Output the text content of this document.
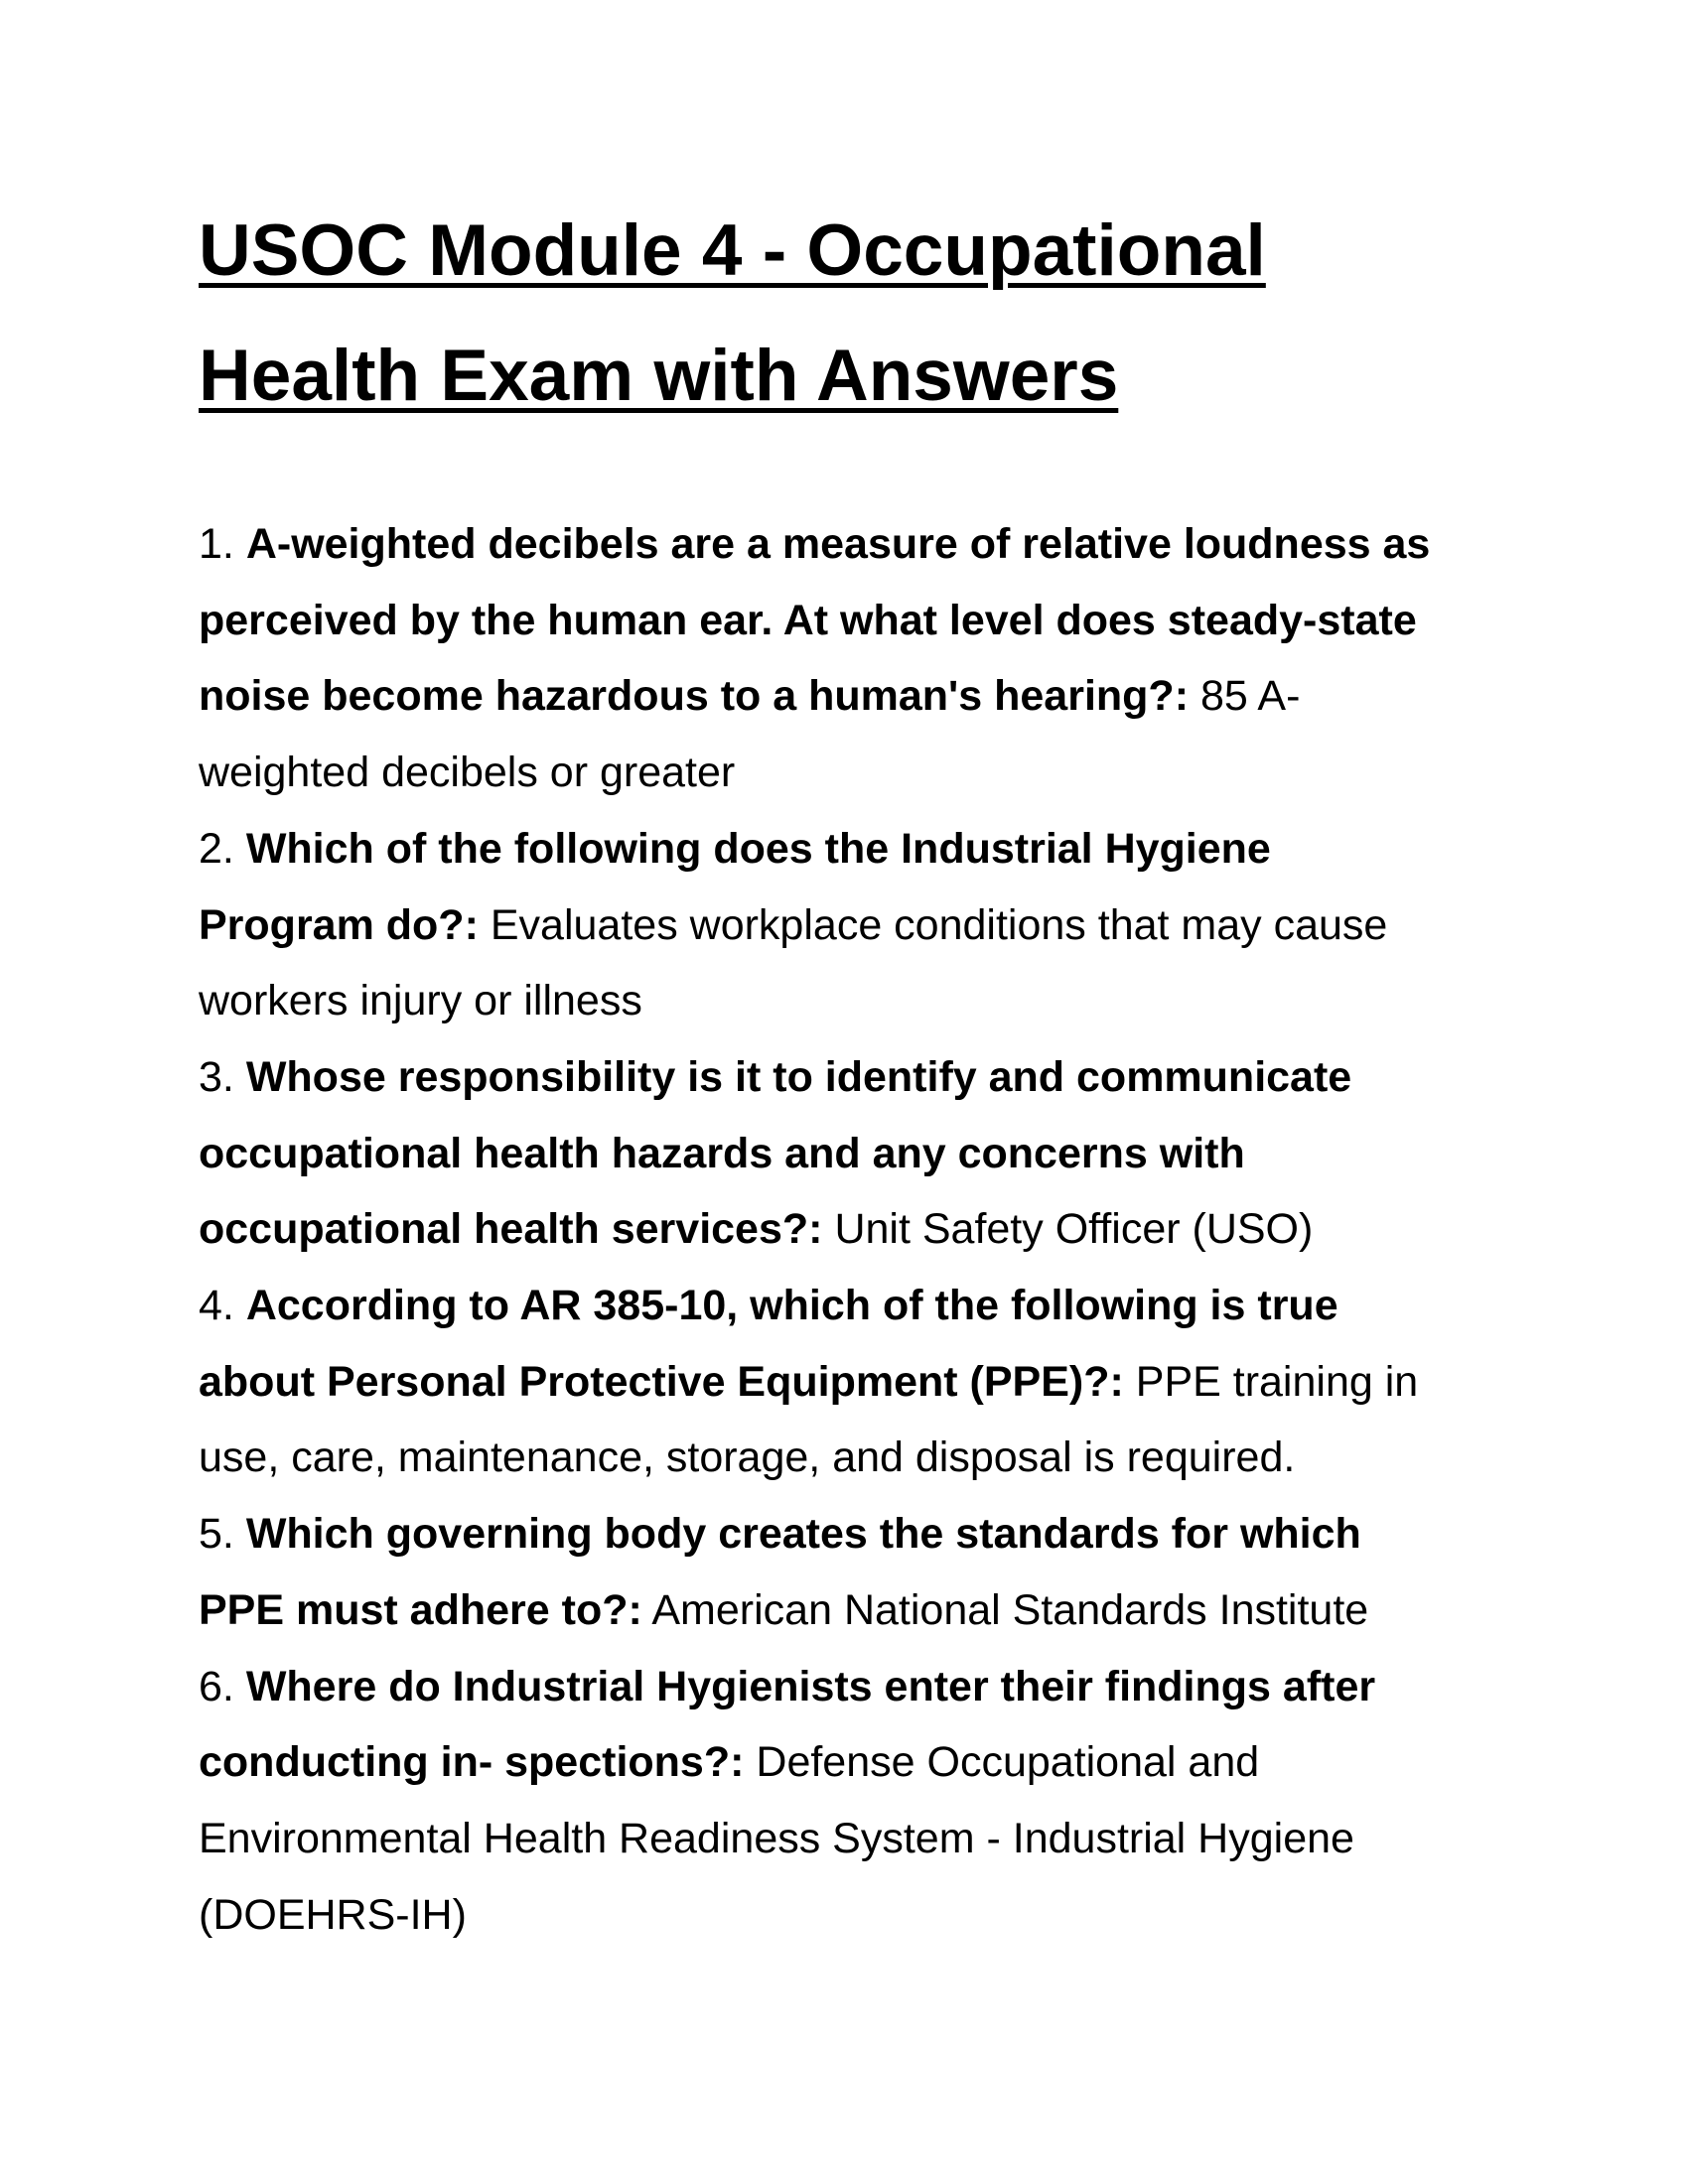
USOC Module 4 - Occupational
Health Exam with Answers
1. A-weighted decibels are a measure of relative loudness as
perceived by the human ear. At what level does steady-state
noise become hazardous to a human's hearing?: 85 A-
weighted decibels or greater
2. Which of the following does the Industrial Hygiene
Program do?: Evaluates workplace conditions that may cause
workers injury or illness
3. Whose responsibility is it to identify and communicate
occupational health hazards and any concerns with
occupational health services?: Unit Safety Officer (USO)
4. According to AR 385-10, which of the following is true
about Personal Protective Equipment (PPE)?: PPE training in
use, care, maintenance, storage, and disposal is required.
5. Which governing body creates the standards for which
PPE must adhere to?: American National Standards Institute
6. Where do Industrial Hygienists enter their findings after
conducting in- spections?: Defense Occupational and
Environmental Health Readiness System - Industrial Hygiene
(DOEHRS-IH)
